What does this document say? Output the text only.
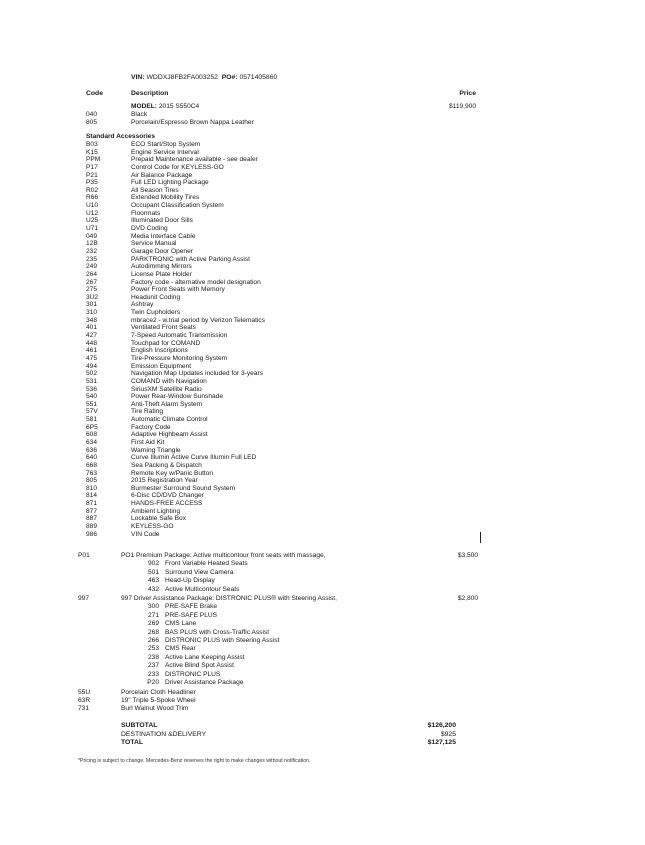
VIN: WDDXJ8FB2FA003252 PO#: 0571405860
Code	Description	Price
MODEL: 2015 S550C4	$119,900
040	Black
805	Porcelain/Espresso Brown Nappa Leather
Standard Accessories
B03	ECO Start/Stop System
K15	Engine Service Interval
PPM	Prepaid Maintenance available - see dealer
P17	Control Code for KEYLESS-GO
P21	Air Balance Package
P35	Full LED Lighting Package
R02	All Season Tires
R66	Extended Mobility Tires
U10	Occupant Classification System
U12	Floormats
U25	Illuminated Door Sills
U71	DVD Coding
049	Media Interface Cable
12B	Service Manual
232	Garage Door Opener
235	PARKTRONIC with Active Parking Assist
249	Autodimming Mirrors
264	License Plate Holder
267	Factory code - alternative model designation
275	Power Front Seats with Memory
3U2	Headunit Coding
301	Ashtray
310	Twin Cupholders
348	mbrace2 - w.trial period by Verizon Telematics
401	Ventilated Front Seats
427	7-Speed Automatic Transmission
448	Touchpad for COMAND
461	English Inscriptions
475	Tire-Pressure Monitoring System
494	Emission Equipment
502	Navigation Map Updates included for 3-years
531	COMAND with Navigation
536	SiriusXM Satellite Radio
540	Power Rear-Window Sunshade
551	Anti-Theft Alarm System
57V	Tire Rating
581	Automatic Climate Control
6P5	Factory Code
608	Adaptive Highbeam Assist
634	First Aid Kit
636	Warning Triangle
640	Curve Illumin Active Curve Illumin Full LED
668	Sea Packing & Dispatch
763	Remote Key w/Panic Button
805	2015 Registration Year
810	Burmester Surround Sound System
814	6-Disc CD/DVD Changer
871	HANDS-FREE ACCESS
877	Ambient Lighting
887	Lockable Safe Box
889	KEYLESS-GO
986	VIN Code
P01	PO1 Premium Package: Active multicontour front seats with massage,	$3,500
902 Front Variable Heated Seats
501 Surround View Camera
463 Head-Up Display
432 Active Multicontour Seats
997	997 Driver Assistance Package: DISTRONIC PLUS® with Steering Assist,	$2,800
300 PRE-SAFE Brake
271 PRE-SAFE PLUS
269 CMS Lane
268 BAS PLUS with Cross-Traffic Assist
266 DISTRONIC PLUS with Steering Assist
253 CMS Rear
238 Active Lane Keeping Assist
237 Active Blind Spot Assist
233 DISTRONIC PLUS
P20 Driver Assistance Package
55U	Porcelain Cloth Headliner
63R	19" Triple 5-Spoke Wheel
731	Burl Walnut Wood Trim
SUBTOTAL	$126,200
DESTINATION &DELIVERY	$925
TOTAL	$127,125
*Pricing is subject to change. Mercedes-Benz reserves the right to make changes without notification.
